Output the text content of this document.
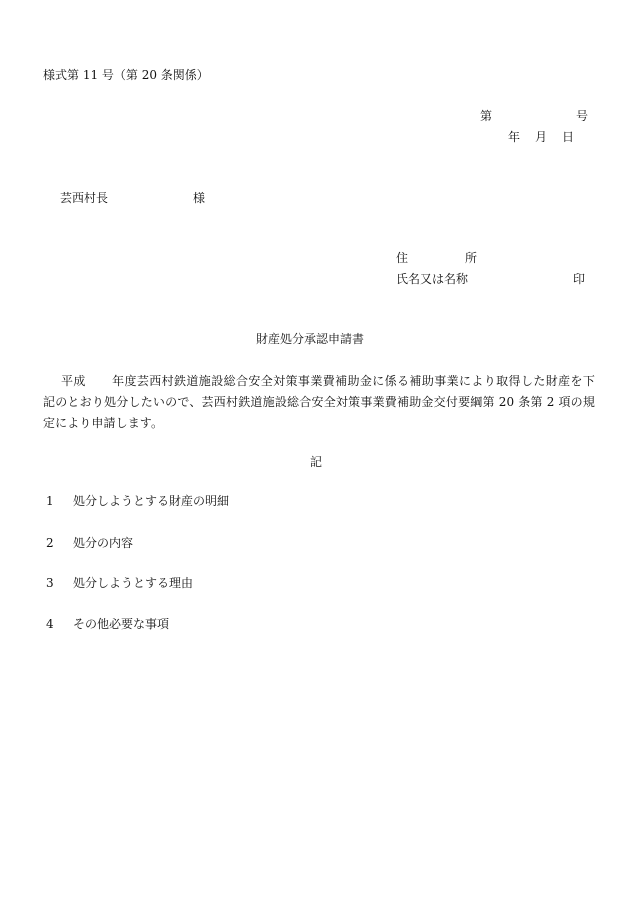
様式第 11 号（第 20 条関係）
第	号
年 月 日
芸西村長	様
住	所
氏名又は名称	印
財産処分承認申請書
平成 年度芸西村鉄道施設総合安全対策事業費補助金に係る補助事業により取得した財産を下記のとおり処分したいので、芸西村鉄道施設総合安全対策事業費補助金交付要綱第 20 条第 2 項の規定により申請します。
記
1 処分しようとする財産の明細
2 処分の内容
3 処分しようとする理由
4 その他必要な事項
